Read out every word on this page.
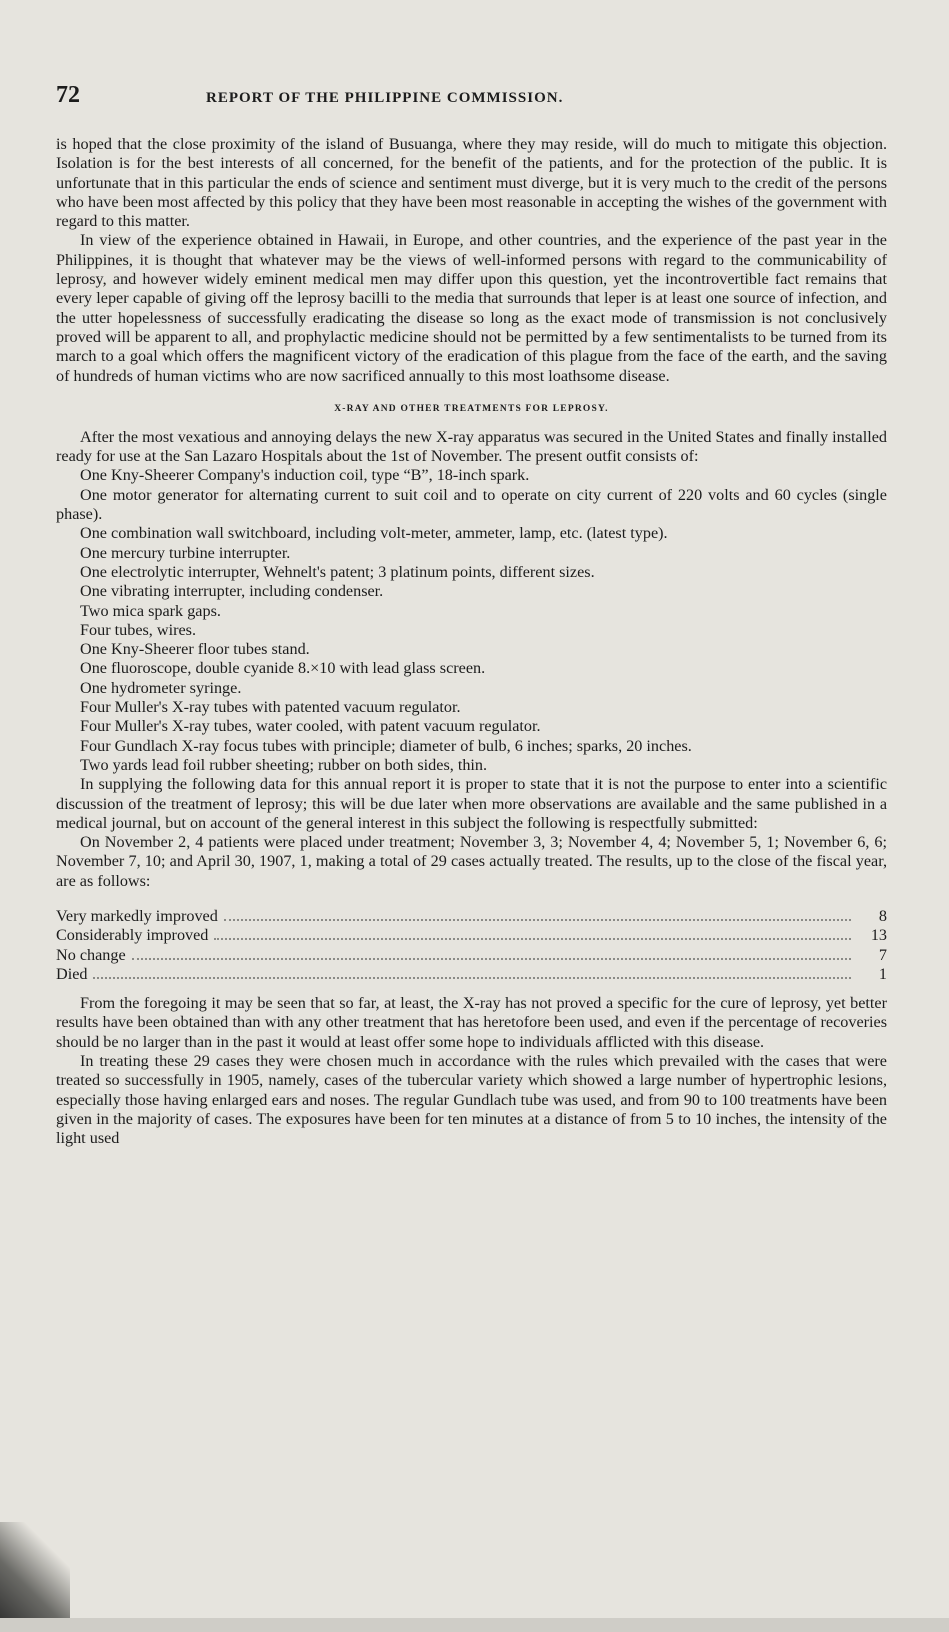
72	REPORT OF THE PHILIPPINE COMMISSION.

is hoped that the close proximity of the island of Busuanga, where they may reside, will do much to mitigate this objection. Isolation is for the best interests of all concerned, for the benefit of the patients, and for the protection of the public. It is unfortunate that in this particular the ends of science and sentiment must diverge, but it is very much to the credit of the persons who have been most affected by this policy that they have been most reasonable in accepting the wishes of the government with regard to this matter.

In view of the experience obtained in Hawaii, in Europe, and other countries, and the experience of the past year in the Philippines, it is thought that whatever may be the views of well-informed persons with regard to the communicability of leprosy, and however widely eminent medical men may differ upon this question, yet the incontrovertible fact remains that every leper capable of giving off the leprosy bacilli to the media that surrounds that leper is at least one source of infection, and the utter hopelessness of successfully eradicating the disease so long as the exact mode of transmission is not conclusively proved will be apparent to all, and prophylactic medicine should not be permitted by a few sentimentalists to be turned from its march to a goal which offers the magnificent victory of the eradication of this plague from the face of the earth, and the saving of hundreds of human victims who are now sacrificed annually to this most loathsome disease.

X-RAY AND OTHER TREATMENTS FOR LEPROSY.

After the most vexatious and annoying delays the new X-ray apparatus was secured in the United States and finally installed ready for use at the San Lazaro Hospitals about the 1st of November. The present outfit consists of:

One Kny-Sheerer Company's induction coil, type “B”, 18-inch spark.

One motor generator for alternating current to suit coil and to operate on city current of 220 volts and 60 cycles (single phase).

One combination wall switchboard, including volt-meter, ammeter, lamp, etc. (latest type).

One mercury turbine interrupter.

One electrolytic interrupter, Wehnelt's patent; 3 platinum points, different sizes.

One vibrating interrupter, including condenser.

Two mica spark gaps.

Four tubes, wires.

One Kny-Sheerer floor tubes stand.

One fluoroscope, double cyanide 8.×10 with lead glass screen.

One hydrometer syringe.

Four Muller's X-ray tubes with patented vacuum regulator.

Four Muller's X-ray tubes, water cooled, with patent vacuum regulator.

Four Gundlach X-ray focus tubes with principle; diameter of bulb, 6 inches; sparks, 20 inches.

Two yards lead foil rubber sheeting; rubber on both sides, thin.

In supplying the following data for this annual report it is proper to state that it is not the purpose to enter into a scientific discussion of the treatment of leprosy; this will be due later when more observations are available and the same published in a medical journal, but on account of the general interest in this subject the following is respectfully submitted:

On November 2, 4 patients were placed under treatment; November 3, 3; November 4, 4; November 5, 1; November 6, 6; November 7, 10; and April 30, 1907, 1, making a total of 29 cases actually treated. The results, up to the close of the fiscal year, are as follows:

Very markedly improved	8
Considerably improved	13
No change	7
Died	1

From the foregoing it may be seen that so far, at least, the X-ray has not proved a specific for the cure of leprosy, yet better results have been obtained than with any other treatment that has heretofore been used, and even if the percentage of recoveries should be no larger than in the past it would at least offer some hope to individuals afflicted with this disease.

In treating these 29 cases they were chosen much in accordance with the rules which prevailed with the cases that were treated so successfully in 1905, namely, cases of the tubercular variety which showed a large number of hypertrophic lesions, especially those having enlarged ears and noses. The regular Gundlach tube was used, and from 90 to 100 treatments have been given in the majority of cases. The exposures have been for ten minutes at a distance of from 5 to 10 inches, the intensity of the light used
